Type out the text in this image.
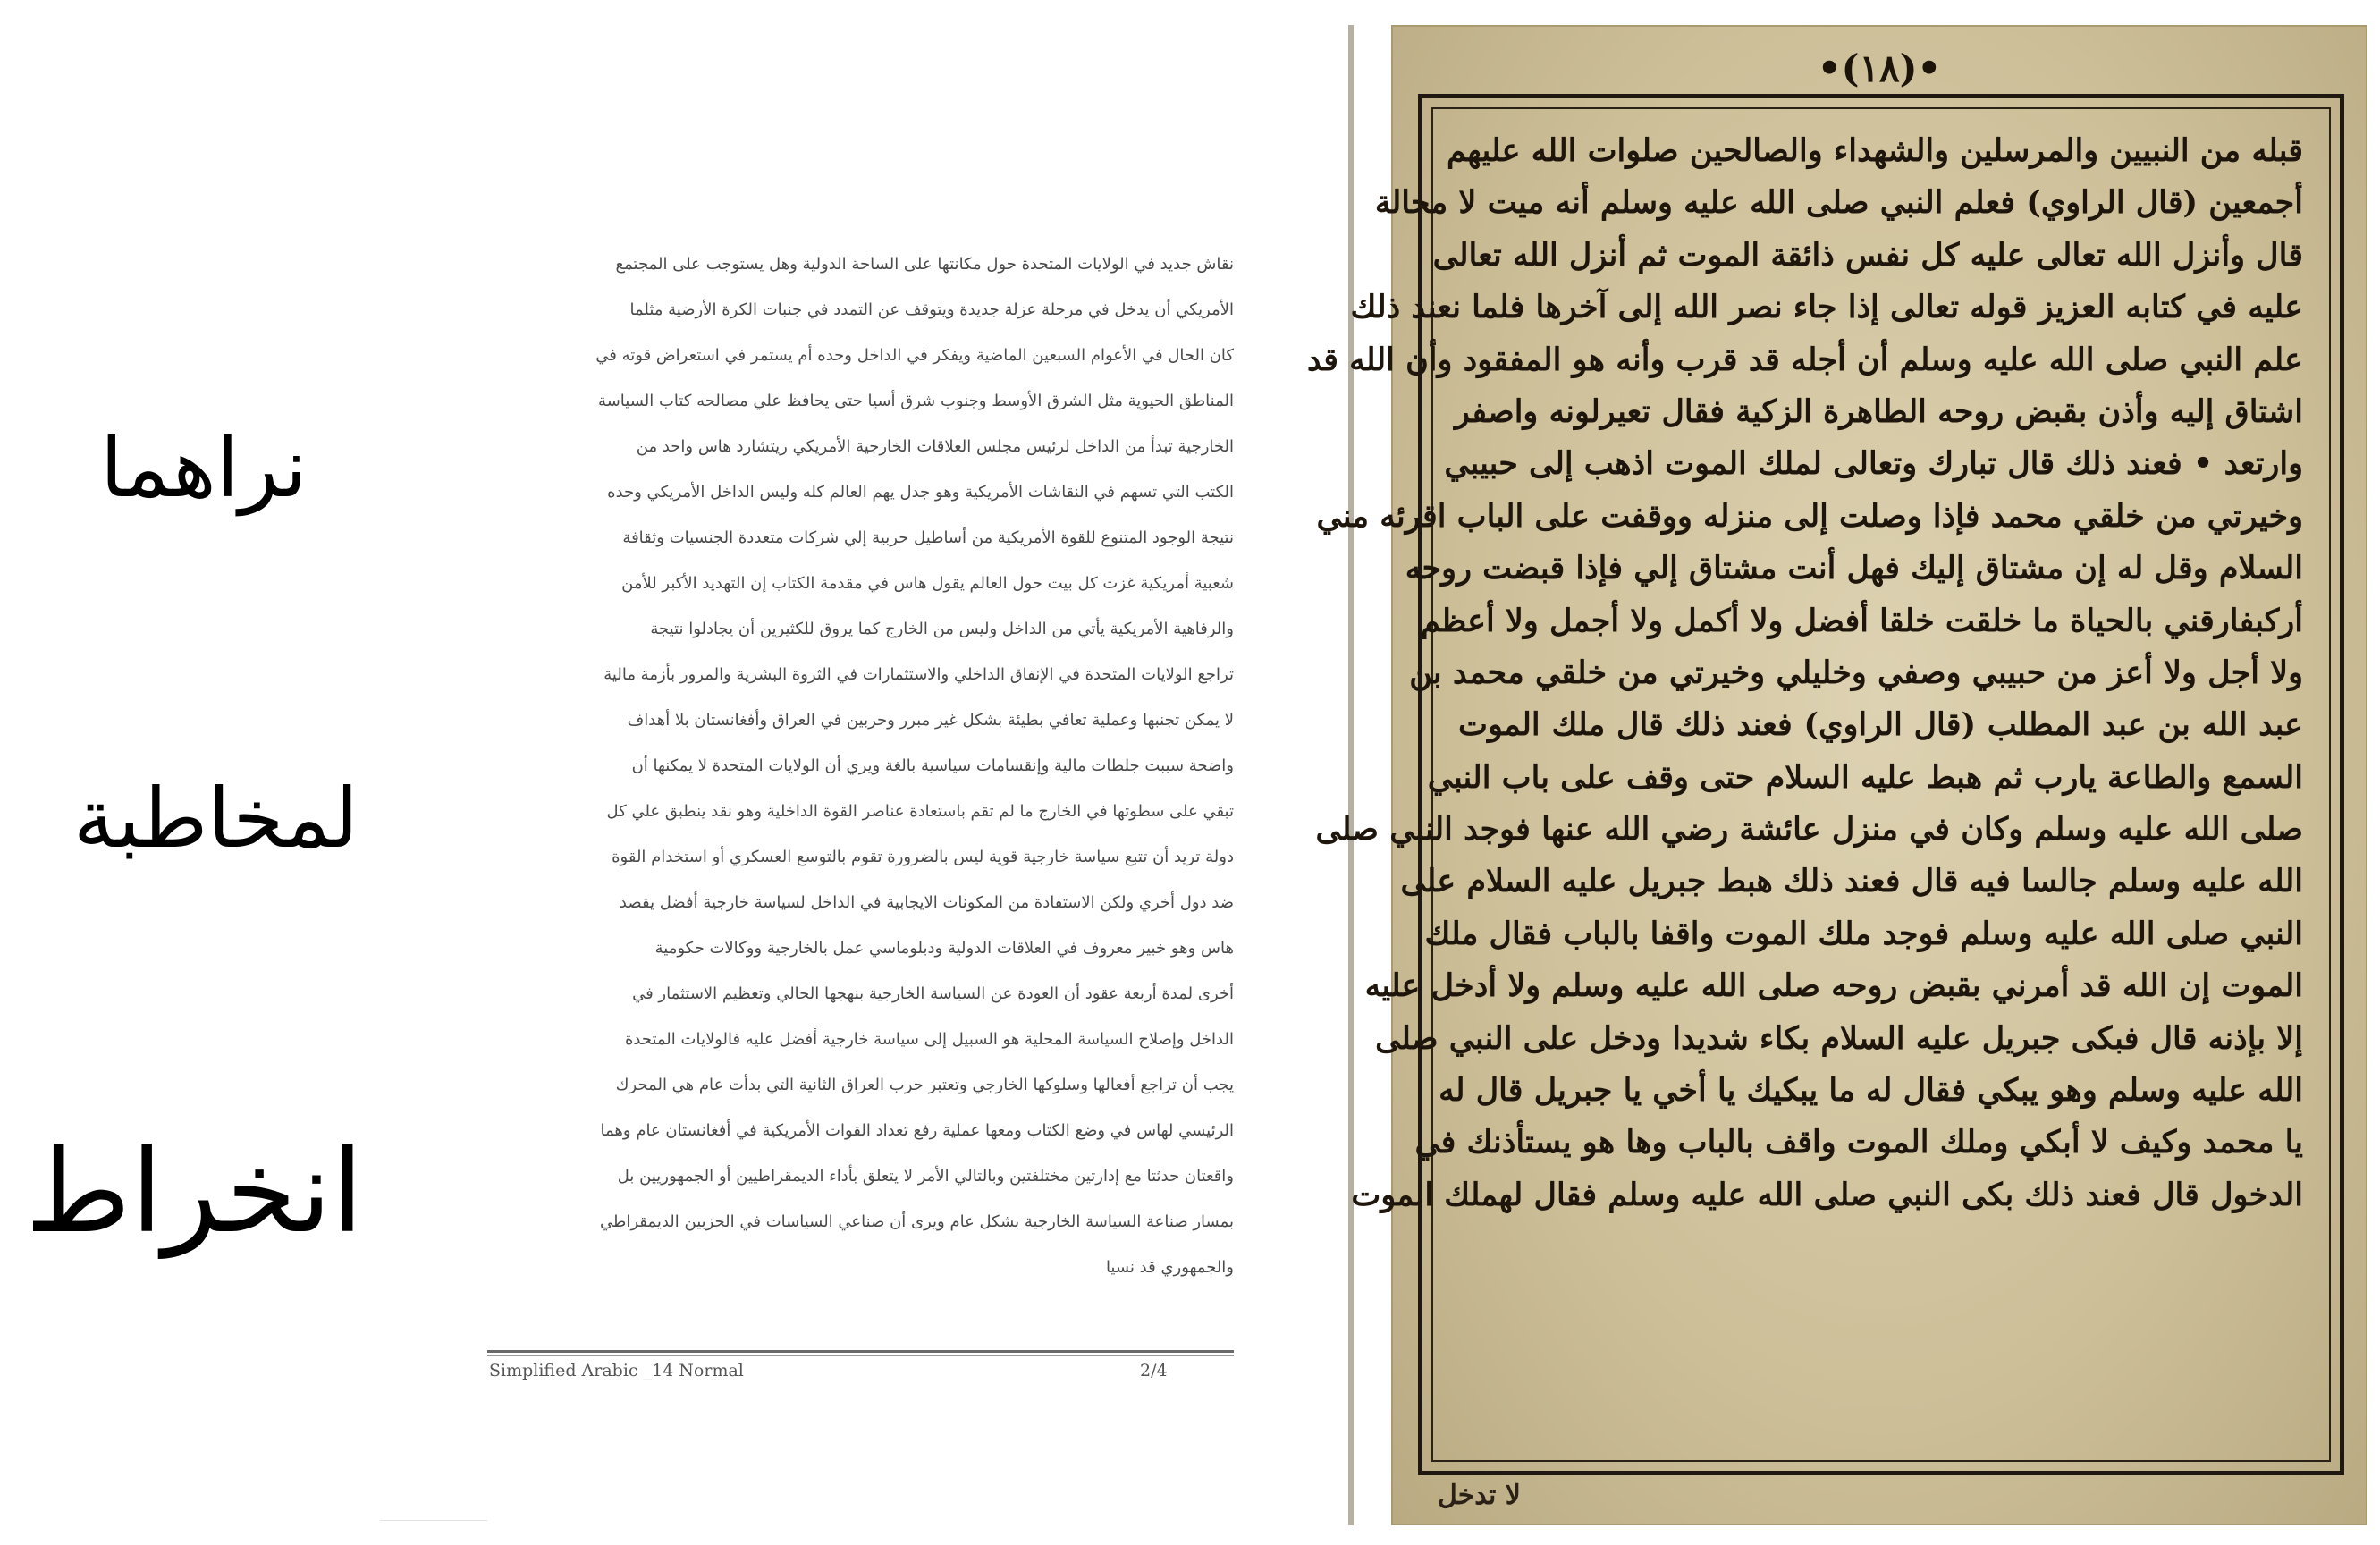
نراهما
لمخاطبة
انخراط
نقاش جديد في الولايات المتحدة حول مكانتها على الساحة الدولية وهل يستوجب على المجتمع
الأمريكي أن يدخل في مرحلة عزلة جديدة ويتوقف عن التمدد في جنبات الكرة الأرضية مثلما
كان الحال في الأعوام السبعين الماضية ويفكر في الداخل وحده أم يستمر في استعراض قوته في
المناطق الحيوية مثل الشرق الأوسط وجنوب شرق أسيا حتى يحافظ علي مصالحه كتاب السياسة
الخارجية تبدأ من الداخل لرئيس مجلس العلاقات الخارجية الأمريكي ريتشارد هاس واحد من
الكتب التي تسهم في النقاشات الأمريكية وهو جدل يهم العالم كله وليس الداخل الأمريكي وحده
نتيجة الوجود المتنوع للقوة الأمريكية من أساطيل حربية إلي شركات متعددة الجنسيات وثقافة
شعبية أمريكية غزت كل بيت حول العالم يقول هاس في مقدمة الكتاب إن التهديد الأكبر للأمن
والرفاهية الأمريكية يأتي من الداخل وليس من الخارج كما يروق للكثيرين أن يجادلوا نتيجة
تراجع الولايات المتحدة في الإنفاق الداخلي والاستثمارات في الثروة البشرية والمرور بأزمة مالية
لا يمكن تجنبها وعملية تعافي بطيئة بشكل غير مبرر وحربين في العراق وأفغانستان بلا أهداف
واضحة سببت جلطات مالية وإنقسامات سياسية بالغة ويري أن الولايات المتحدة لا يمكنها أن
تبقي على سطوتها في الخارج ما لم تقم باستعادة عناصر القوة الداخلية وهو نقد ينطبق علي كل
دولة تريد أن تتبع سياسة خارجية قوية ليس بالضرورة تقوم بالتوسع العسكري أو استخدام القوة
ضد دول أخري ولكن الاستفادة من المكونات الايجابية في الداخل لسياسة خارجية أفضل يقصد
هاس وهو خبير معروف في العلاقات الدولية ودبلوماسي عمل بالخارجية ووكالات حكومية
أخرى لمدة أربعة عقود أن العودة عن السياسة الخارجية بنهجها الحالي وتعظيم الاستثمار في
الداخل وإصلاح السياسة المحلية هو السبيل إلى سياسة خارجية أفضل عليه فالولايات المتحدة
يجب أن تراجع أفعالها وسلوكها الخارجي وتعتبر حرب العراق الثانية التي بدأت عام هي المحرك
الرئيسي لهاس في وضع الكتاب ومعها عملية رفع تعداد القوات الأمريكية في أفغانستان عام وهما
واقعتان حدثتا مع إدارتين مختلفتين وبالتالي الأمر لا يتعلق بأداء الديمقراطيين أو الجمهوريين بل
بمسار صناعة السياسة الخارجية بشكل عام ويرى أن صناعي السياسات في الحزبين الديمقراطي
والجمهوري قد نسيا
Simplified Arabic _14 Normal	2/4
•(١٨)•
قبله من النبيين والمرسلين والشهداء والصالحين صلوات الله عليهم
أجمعين (قال الراوي) فعلم النبي صلى الله عليه وسلم أنه ميت لا محالة
قال وأنزل الله تعالى عليه كل نفس ذائقة الموت ثم أنزل الله تعالى
عليه في كتابه العزيز قوله تعالى إذا جاء نصر الله إلى آخرها فلما نعند ذلك
علم النبي صلى الله عليه وسلم أن أجله قد قرب وأنه هو المفقود وأن الله قد
اشتاق إليه وأذن بقبض روحه الطاهرة الزكية فقال تعيرلونه واصفر
وارتعد • فعند ذلك قال تبارك وتعالى لملك الموت اذهب إلى حبيبي
وخيرتي من خلقي محمد فإذا وصلت إلى منزله ووقفت على الباب اقرئه مني
السلام وقل له إن مشتاق إليك فهل أنت مشتاق إلي فإذا قبضت روحه
أركبفارقني بالحياة ما خلقت خلقا أفضل ولا أكمل ولا أجمل ولا أعظم
ولا أجل ولا أعز من حبيبي وصفي وخليلي وخيرتي من خلقي محمد بن
عبد الله بن عبد المطلب (قال الراوي) فعند ذلك قال ملك الموت
السمع والطاعة يارب ثم هبط عليه السلام حتى وقف على باب النبي
صلى الله عليه وسلم وكان في منزل عائشة رضي الله عنها فوجد النبي صلى
الله عليه وسلم جالسا فيه قال فعند ذلك هبط جبريل عليه السلام على
النبي صلى الله عليه وسلم فوجد ملك الموت واقفا بالباب فقال ملك
الموت إن الله قد أمرني بقبض روحه صلى الله عليه وسلم ولا أدخل عليه
إلا بإذنه قال فبكى جبريل عليه السلام بكاء شديدا ودخل على النبي صلى
الله عليه وسلم وهو يبكي فقال له ما يبكيك يا أخي يا جبريل قال له
يا محمد وكيف لا أبكي وملك الموت واقف بالباب وها هو يستأذنك في
الدخول قال فعند ذلك بكى النبي صلى الله عليه وسلم فقال لهملك الموت
لا تدخل
